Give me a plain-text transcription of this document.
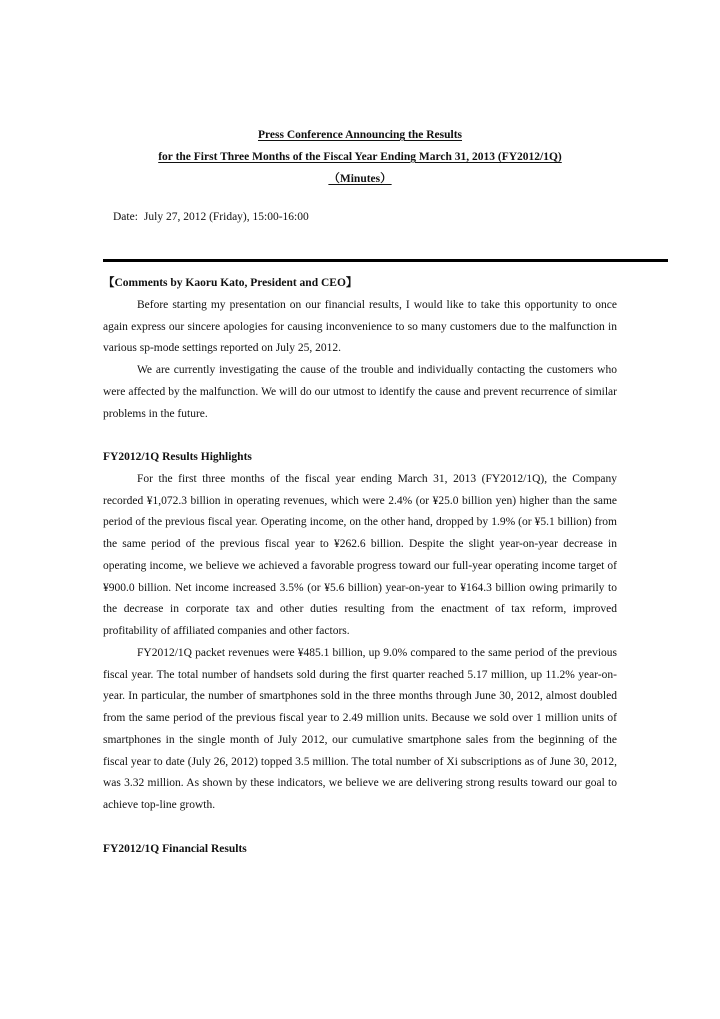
Press Conference Announcing the Results
for the First Three Months of the Fiscal Year Ending March 31, 2013 (FY2012/1Q)
（Minutes）
Date: July 27, 2012 (Friday), 15:00-16:00
【Comments by Kaoru Kato, President and CEO】

Before starting my presentation on our financial results, I would like to take this opportunity to once again express our sincere apologies for causing inconvenience to so many customers due to the malfunction in various sp-mode settings reported on July 25, 2012.

We are currently investigating the cause of the trouble and individually contacting the customers who were affected by the malfunction. We will do our utmost to identify the cause and prevent recurrence of similar problems in the future.

FY2012/1Q Results Highlights

For the first three months of the fiscal year ending March 31, 2013 (FY2012/1Q), the Company recorded ¥1,072.3 billion in operating revenues, which were 2.4% (or ¥25.0 billion yen) higher than the same period of the previous fiscal year. Operating income, on the other hand, dropped by 1.9% (or ¥5.1 billion) from the same period of the previous fiscal year to ¥262.6 billion. Despite the slight year-on-year decrease in operating income, we believe we achieved a favorable progress toward our full-year operating income target of ¥900.0 billion. Net income increased 3.5% (or ¥5.6 billion) year-on-year to ¥164.3 billion owing primarily to the decrease in corporate tax and other duties resulting from the enactment of tax reform, improved profitability of affiliated companies and other factors.

FY2012/1Q packet revenues were ¥485.1 billion, up 9.0% compared to the same period of the previous fiscal year. The total number of handsets sold during the first quarter reached 5.17 million, up 11.2% year-on-year. In particular, the number of smartphones sold in the three months through June 30, 2012, almost doubled from the same period of the previous fiscal year to 2.49 million units. Because we sold over 1 million units of smartphones in the single month of July 2012, our cumulative smartphone sales from the beginning of the fiscal year to date (July 26, 2012) topped 3.5 million. The total number of Xi subscriptions as of June 30, 2012, was 3.32 million. As shown by these indicators, we believe we are delivering strong results toward our goal to achieve top-line growth.

FY2012/1Q Financial Results
